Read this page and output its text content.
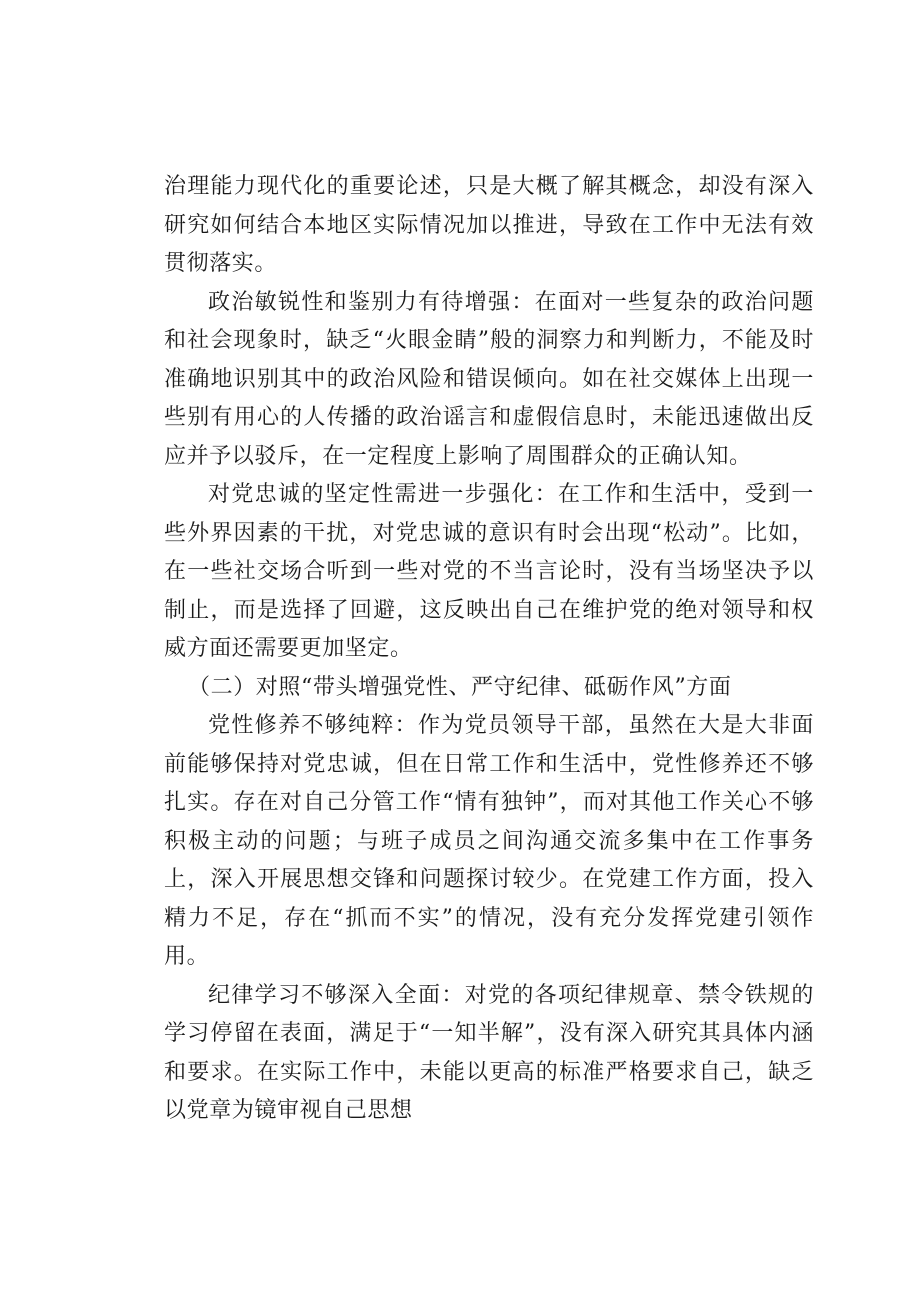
治理能力现代化的重要论述，只是大概了解其概念，却没有深入研究如何结合本地区实际情况加以推进，导致在工作中无法有效贯彻落实。

政治敏锐性和鉴别力有待增强：在面对一些复杂的政治问题和社会现象时，缺乏“火眼金睛”般的洞察力和判断力，不能及时准确地识别其中的政治风险和错误倾向。如在社交媒体上出现一些别有用心的人传播的政治谣言和虚假信息时，未能迅速做出反应并予以驳斥，在一定程度上影响了周围群众的正确认知。

对党忠诚的坚定性需进一步强化：在工作和生活中，受到一些外界因素的干扰，对党忠诚的意识有时会出现“松动”。比如，在一些社交场合听到一些对党的不当言论时，没有当场坚决予以制止，而是选择了回避，这反映出自己在维护党的绝对领导和权威方面还需要更加坚定。

（二）对照“带头增强党性、严守纪律、砥砺作风”方面

党性修养不够纯粹：作为党员领导干部，虽然在大是大非面前能够保持对党忠诚，但在日常工作和生活中，党性修养还不够扎实。存在对自己分管工作“情有独钟”，而对其他工作关心不够积极主动的问题；与班子成员之间沟通交流多集中在工作事务上，深入开展思想交锋和问题探讨较少。在党建工作方面，投入精力不足，存在“抓而不实”的情况，没有充分发挥党建引领作用。

纪律学习不够深入全面：对党的各项纪律规章、禁令铁规的学习停留在表面，满足于“一知半解”，没有深入研究其具体内涵和要求。在实际工作中，未能以更高的标准严格要求自己，缺乏以党章为镜审视自己思想
